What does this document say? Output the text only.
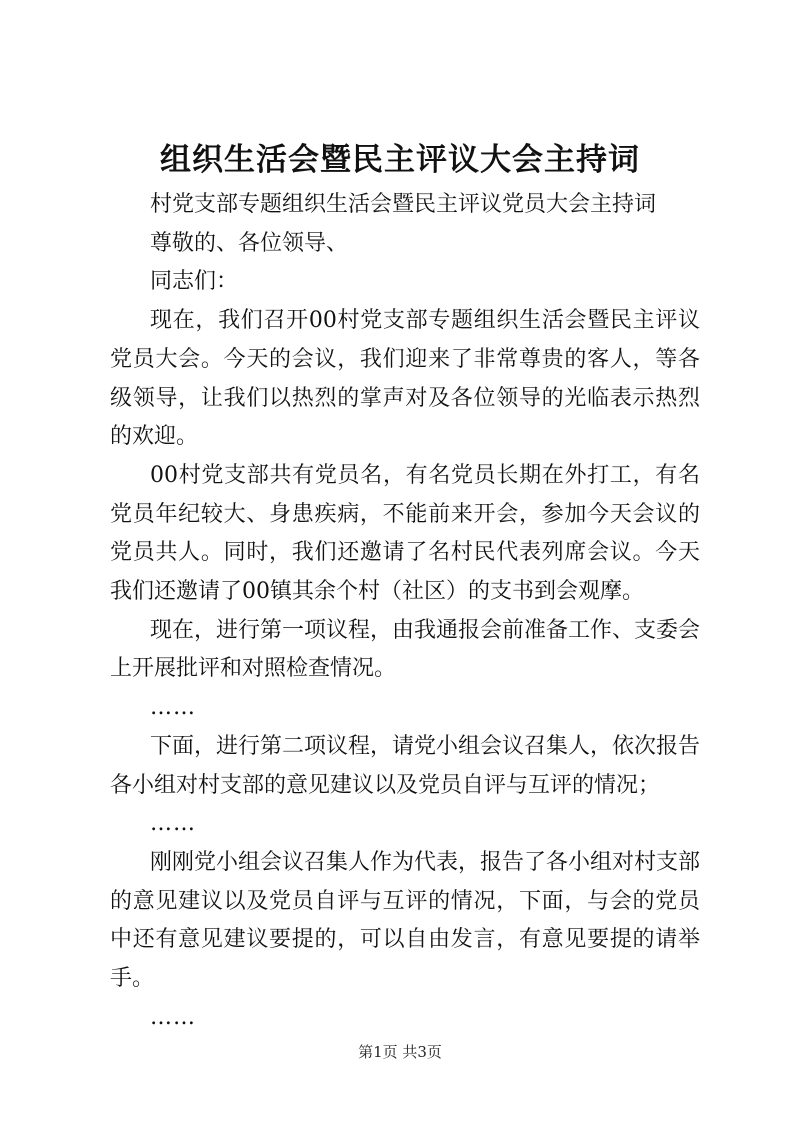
组织生活会暨民主评议大会主持词

村党支部专题组织生活会暨民主评议党员大会主持词

尊敬的、各位领导、

同志们：

现在，我们召开00村党支部专题组织生活会暨民主评议党员大会。今天的会议，我们迎来了非常尊贵的客人，等各级领导，让我们以热烈的掌声对及各位领导的光临表示热烈的欢迎。

00村党支部共有党员名，有名党员长期在外打工，有名党员年纪较大、身患疾病，不能前来开会，参加今天会议的党员共人。同时，我们还邀请了名村民代表列席会议。今天我们还邀请了00镇其余个村（社区）的支书到会观摩。

现在，进行第一项议程，由我通报会前准备工作、支委会上开展批评和对照检查情况。

……

下面，进行第二项议程，请党小组会议召集人，依次报告各小组对村支部的意见建议以及党员自评与互评的情况；

……

刚刚党小组会议召集人作为代表，报告了各小组对村支部的意见建议以及党员自评与互评的情况，下面，与会的党员中还有意见建议要提的，可以自由发言，有意见要提的请举手。

……

第1页 共3页
